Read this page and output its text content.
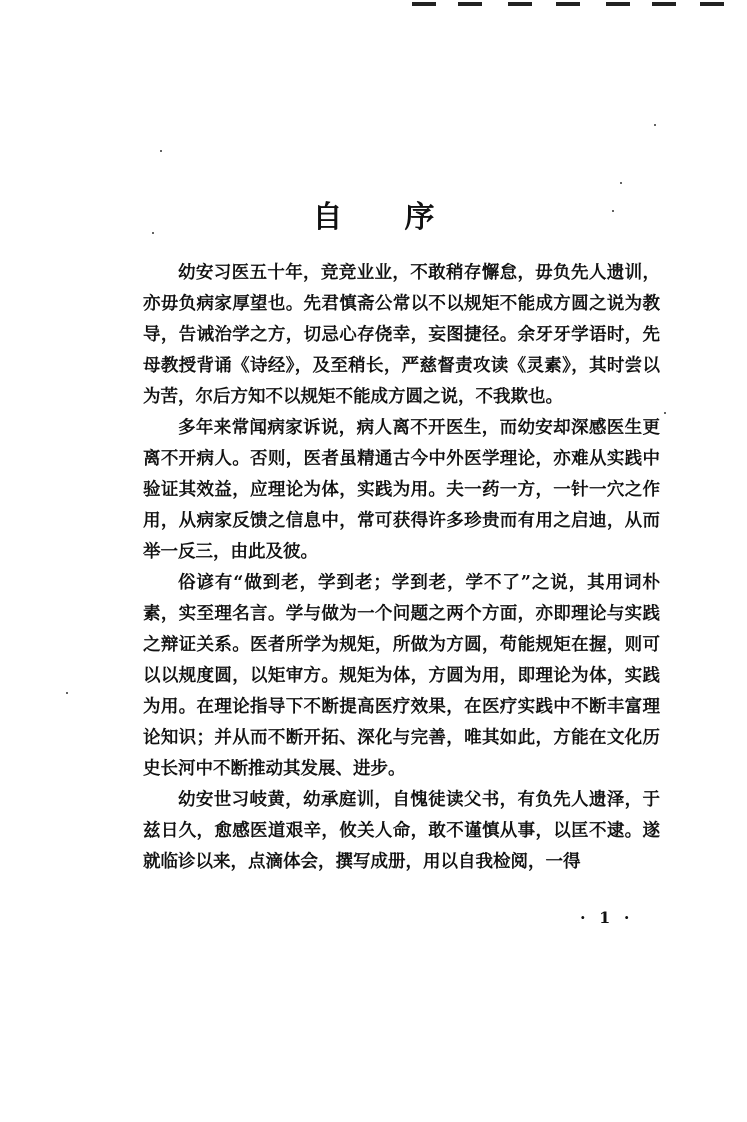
自序

幼安习医五十年，竞竞业业，不敢稍存懈怠，毋负先人遗训，亦毋负病家厚望也。先君慎斋公常以不以规矩不能成方圆之说为教导，告诫治学之方，切忌心存侥幸，妄图捷径。余牙牙学语时，先母教授背诵《诗经》，及至稍长，严慈督责攻读《灵素》，其时尝以为苦，尔后方知不以规矩不能成方圆之说，不我欺也。

多年来常闻病家诉说，病人离不开医生，而幼安却深感医生更离不开病人。否则，医者虽精通古今中外医学理论，亦难从实践中验证其效益，应理论为体，实践为用。夫一药一方，一针一穴之作用，从病家反馈之信息中，常可获得许多珍贵而有用之启迪，从而举一反三，由此及彼。

俗谚有“做到老，学到老；学到老，学不了”之说，其用词朴素，实至理名言。学与做为一个问题之两个方面，亦即理论与实践之辩证关系。医者所学为规矩，所做为方圆，苟能规矩在握，则可以以规度圆，以矩审方。规矩为体，方圆为用，即理论为体，实践为用。在理论指导下不断提高医疗效果，在医疗实践中不断丰富理论知识；并从而不断开拓、深化与完善，唯其如此，方能在文化历史长河中不断推动其发展、进步。

幼安世习岐黄，幼承庭训，自愧徒读父书，有负先人遗泽，于兹日久，愈感医道艰辛，攸关人命，敢不谨慎从事，以匡不逮。遂就临诊以来，点滴体会，撰写成册，用以自我检阅，一得

· 1 ·
